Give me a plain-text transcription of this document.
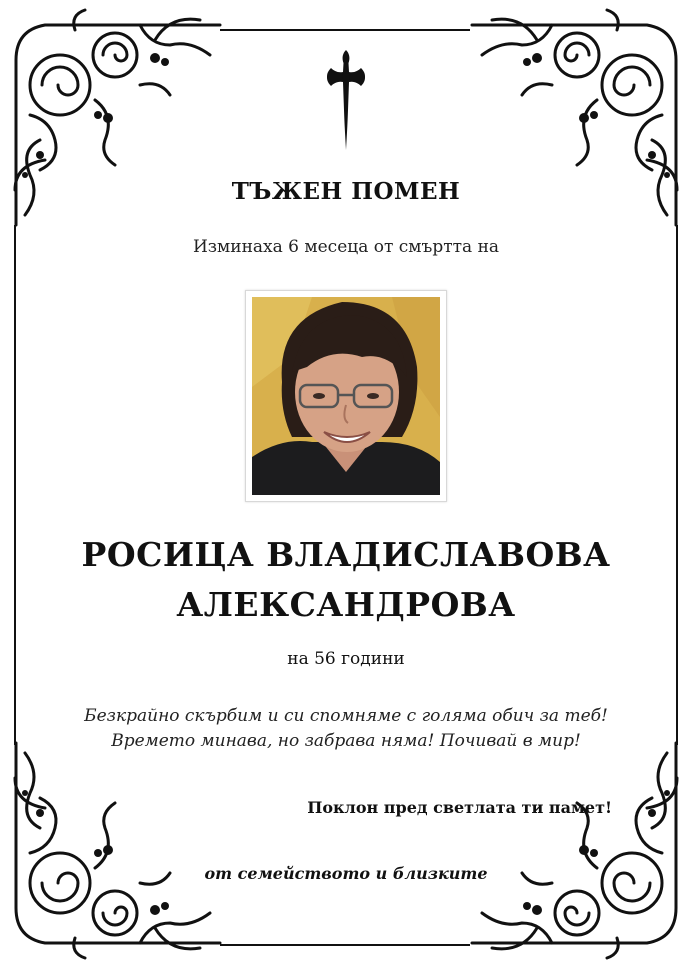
ТЪЖЕН ПОМЕН
Изминаха 6 месеца от смъртта на
РОСИЦА ВЛАДИСЛАВОВА
АЛЕКСАНДРОВА
на 56 години
Безкрайно скърбим и си спомняме с голяма обич за теб! Времето минава, но забрава няма! Почивай в мир!
Поклон пред светлата ти памет!
от семейството и близките
